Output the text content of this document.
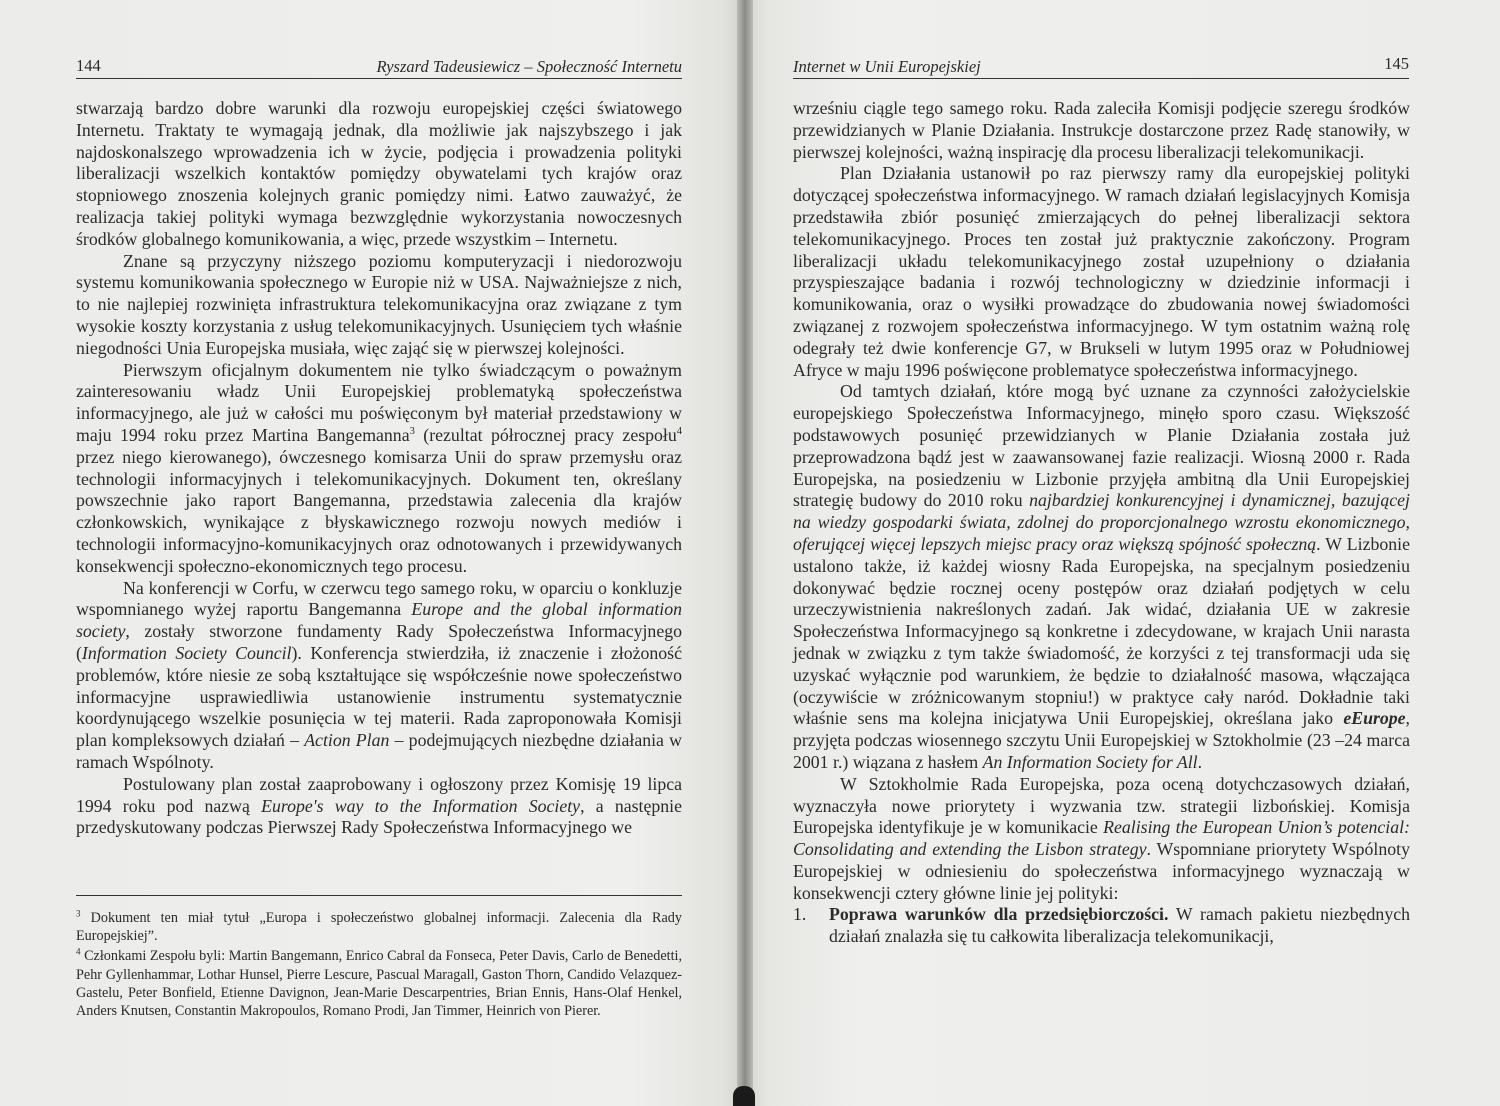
144	Ryszard Tadeusiewicz – Społeczność Internetu

stwarzają bardzo dobre warunki dla rozwoju europejskiej części światowego Internetu. Traktaty te wymagają jednak, dla możliwie jak najszybszego i jak najdoskonalszego wprowadzenia ich w życie, podjęcia i prowadzenia polityki liberalizacji wszelkich kontaktów pomiędzy obywatelami tych krajów oraz stopniowego znoszenia kolejnych granic pomiędzy nimi. Łatwo zauważyć, że realizacja takiej polityki wymaga bezwzględnie wykorzystania nowoczesnych środków globalnego komunikowania, a więc, przede wszystkim – Internetu.

Znane są przyczyny niższego poziomu komputeryzacji i niedorozwoju systemu komunikowania społecznego w Europie niż w USA. Najważniejsze z nich, to nie najlepiej rozwinięta infrastruktura telekomunikacyjna oraz związane z tym wysokie koszty korzystania z usług telekomunikacyjnych. Usunięciem tych właśnie niegodności Unia Europejska musiała, więc zająć się w pierwszej kolejności.

Pierwszym oficjalnym dokumentem nie tylko świadczącym o poważnym zainteresowaniu władz Unii Europejskiej problematyką społeczeństwa informacyjnego, ale już w całości mu poświęconym był materiał przedstawiony w maju 1994 roku przez Martina Bangemanna$^3$ (rezultat półrocznej pracy zespołu$^4$ przez niego kierowanego), ówczesnego komisarza Unii do spraw przemysłu oraz technologii informacyjnych i telekomunikacyjnych. Dokument ten, określany powszechnie jako raport Bangemanna, przedstawia zalecenia dla krajów członkowskich, wynikające z błyskawicznego rozwoju nowych mediów i technologii informacyjno-komunikacyjnych oraz odnotowanych i przewidywanych konsekwencji społeczno-ekonomicznych tego procesu.

Na konferencji w Corfu, w czerwcu tego samego roku, w oparciu o konkluzje wspomnianego wyżej raportu Bangemanna Europe and the global information society, zostały stworzone fundamenty Rady Społeczeństwa Informacyjnego (Information Society Council). Konferencja stwierdziła, iż znaczenie i złożoność problemów, które niesie ze sobą kształtujące się współcześnie nowe społeczeństwo informacyjne usprawiedliwia ustanowienie instrumentu systematycznie koordynującego wszelkie posunięcia w tej materii. Rada zaproponowała Komisji plan kompleksowych działań – Action Plan – podejmujących niezbędne działania w ramach Wspólnoty.

Postulowany plan został zaaprobowany i ogłoszony przez Komisję 19 lipca 1994 roku pod nazwą Europe's way to the Information Society, a następnie przedyskutowany podczas Pierwszej Rady Społeczeństwa Informacyjnego we

$^3$ Dokument ten miał tytuł „Europa i społeczeństwo globalnej informacji. Zalecenia dla Rady Europejskiej”.

$^4$ Członkami Zespołu byli: Martin Bangemann, Enrico Cabral da Fonseca, Peter Davis, Carlo de Benedetti, Pehr Gyllenhammar, Lothar Hunsel, Pierre Lescure, Pascual Maragall, Gaston Thorn, Candido Velazquez-Gastelu, Peter Bonfield, Etienne Davignon, Jean-Marie Descarpentries, Brian Ennis, Hans-Olaf Henkel, Anders Knutsen, Constantin Makropoulos, Romano Prodi, Jan Timmer, Heinrich von Pierer.

Internet w Unii Europejskiej	145

wrześniu ciągle tego samego roku. Rada zaleciła Komisji podjęcie szeregu środków przewidzianych w Planie Działania. Instrukcje dostarczone przez Radę stanowiły, w pierwszej kolejności, ważną inspirację dla procesu liberalizacji telekomunikacji.

Plan Działania ustanowił po raz pierwszy ramy dla europejskiej polityki dotyczącej społeczeństwa informacyjnego. W ramach działań legislacyjnych Komisja przedstawiła zbiór posunięć zmierzających do pełnej liberalizacji sektora telekomunikacyjnego. Proces ten został już praktycznie zakończony. Program liberalizacji układu telekomunikacyjnego został uzupełniony o działania przyspieszające badania i rozwój technologiczny w dziedzinie informacji i komunikowania, oraz o wysiłki prowadzące do zbudowania nowej świadomości związanej z rozwojem społeczeństwa informacyjnego. W tym ostatnim ważną rolę odegrały też dwie konferencje G7, w Brukseli w lutym 1995 oraz w Południowej Afryce w maju 1996 poświęcone problematyce społeczeństwa informacyjnego.

Od tamtych działań, które mogą być uznane za czynności założycielskie europejskiego Społeczeństwa Informacyjnego, minęło sporo czasu. Większość podstawowych posunięć przewidzianych w Planie Działania została już przeprowadzona bądź jest w zaawansowanej fazie realizacji. Wiosną 2000 r. Rada Europejska, na posiedzeniu w Lizbonie przyjęła ambitną dla Unii Europejskiej strategię budowy do 2010 roku najbardziej konkurencyjnej i dynamicznej, bazującej na wiedzy gospodarki świata, zdolnej do proporcjonalnego wzrostu ekonomicznego, oferującej więcej lepszych miejsc pracy oraz większą spójność społeczną. W Lizbonie ustalono także, iż każdej wiosny Rada Europejska, na specjalnym posiedzeniu dokonywać będzie rocznej oceny postępów oraz działań podjętych w celu urzeczywistnienia nakreślonych zadań. Jak widać, działania UE w zakresie Społeczeństwa Informacyjnego są konkretne i zdecydowane, w krajach Unii narasta jednak w związku z tym także świadomość, że korzyści z tej transformacji uda się uzyskać wyłącznie pod warunkiem, że będzie to działalność masowa, włączająca (oczywiście w zróżnicowanym stopniu!) w praktyce cały naród. Dokładnie taki właśnie sens ma kolejna inicjatywa Unii Europejskiej, określana jako eEurope, przyjęta podczas wiosennego szczytu Unii Europejskiej w Sztokholmie (23 –24 marca 2001 r.) wiązana z hasłem An Information Society for All.

W Sztokholmie Rada Europejska, poza oceną dotychczasowych działań, wyznaczyła nowe priorytety i wyzwania tzw. strategii lizbońskiej. Komisja Europejska identyfikuje je w komunikacie Realising the European Union’s potencial: Consolidating and extending the Lisbon strategy. Wspomniane priorytety Wspólnoty Europejskiej w odniesieniu do społeczeństwa informacyjnego wyznaczają w konsekwencji cztery główne linie jej polityki:

1. Poprawa warunków dla przedsiębiorczości. W ramach pakietu niezbędnych działań znalazła się tu całkowita liberalizacja telekomunikacji,
